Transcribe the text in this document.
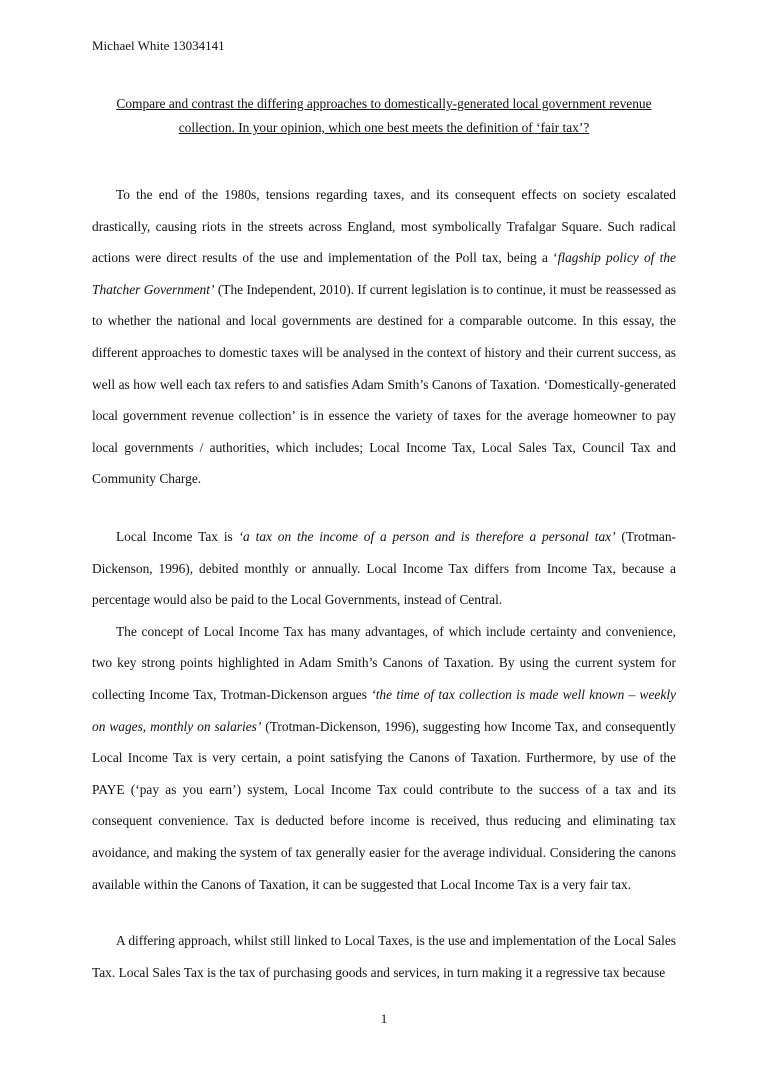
Michael White 13034141
Compare and contrast the differing approaches to domestically-generated local government revenue
collection. In your opinion, which one best meets the definition of ‘fair tax’?

To the end of the 1980s, tensions regarding taxes, and its consequent effects on society escalated drastically, causing riots in the streets across England, most symbolically Trafalgar Square. Such radical actions were direct results of the use and implementation of the Poll tax, being a ‘flagship policy of the Thatcher Government’ (The Independent, 2010). If current legislation is to continue, it must be reassessed as to whether the national and local governments are destined for a comparable outcome. In this essay, the different approaches to domestic taxes will be analysed in the context of history and their current success, as well as how well each tax refers to and satisfies Adam Smith’s Canons of Taxation. ‘Domestically-generated local government revenue collection’ is in essence the variety of taxes for the average homeowner to pay local governments / authorities, which includes; Local Income Tax, Local Sales Tax, Council Tax and Community Charge.

Local Income Tax is ‘a tax on the income of a person and is therefore a personal tax’ (Trotman-Dickenson, 1996), debited monthly or annually. Local Income Tax differs from Income Tax, because a percentage would also be paid to the Local Governments, instead of Central.

The concept of Local Income Tax has many advantages, of which include certainty and convenience, two key strong points highlighted in Adam Smith’s Canons of Taxation. By using the current system for collecting Income Tax, Trotman-Dickenson argues ‘the time of tax collection is made well known – weekly on wages, monthly on salaries’ (Trotman-Dickenson, 1996), suggesting how Income Tax, and consequently Local Income Tax is very certain, a point satisfying the Canons of Taxation. Furthermore, by use of the PAYE (‘pay as you earn’) system, Local Income Tax could contribute to the success of a tax and its consequent convenience. Tax is deducted before income is received, thus reducing and eliminating tax avoidance, and making the system of tax generally easier for the average individual. Considering the canons available within the Canons of Taxation, it can be suggested that Local Income Tax is a very fair tax.

A differing approach, whilst still linked to Local Taxes, is the use and implementation of the Local Sales Tax. Local Sales Tax is the tax of purchasing goods and services, in turn making it a regressive tax because

1
